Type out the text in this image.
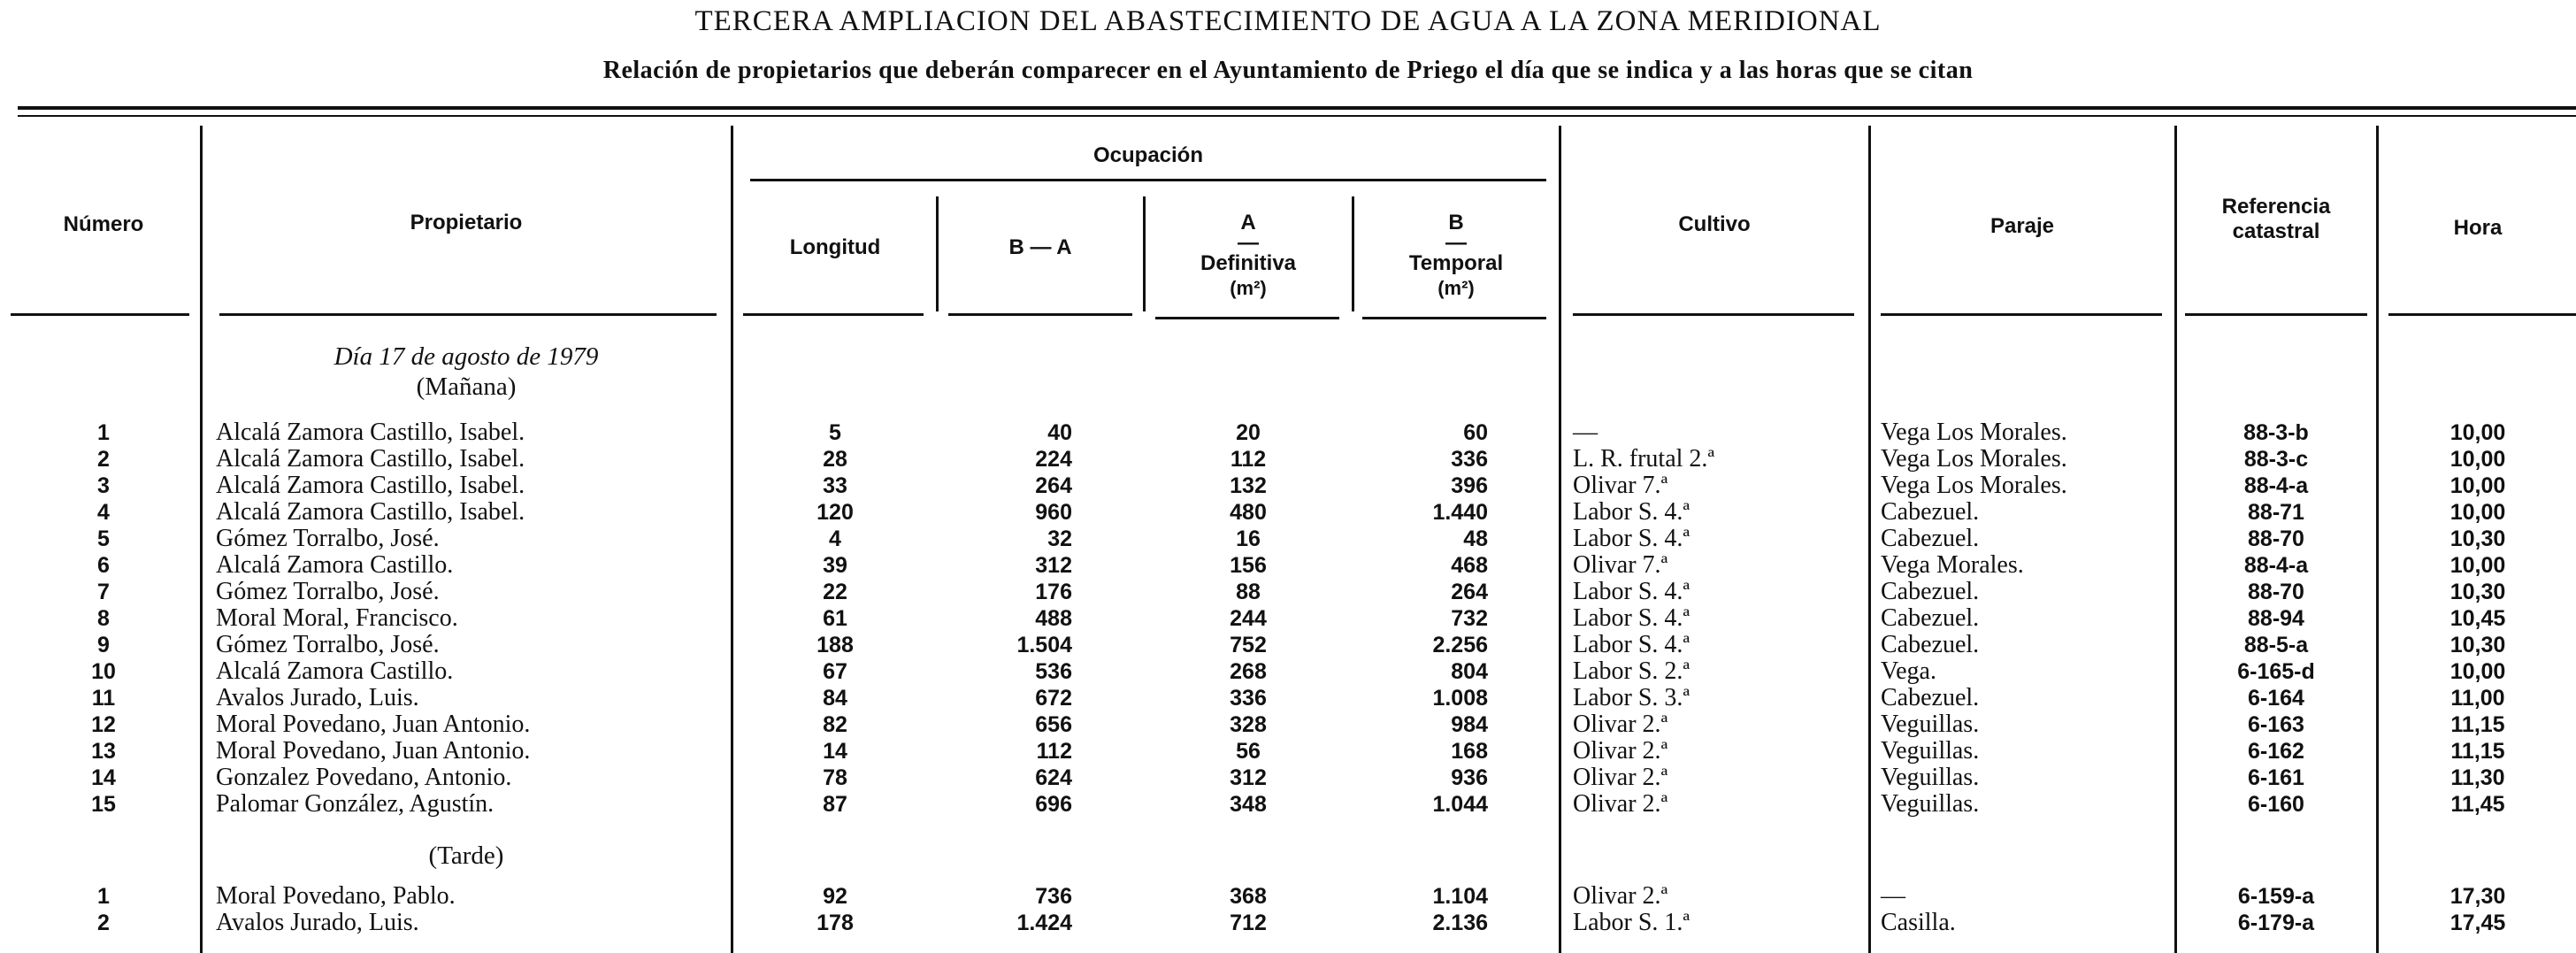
TERCERA AMPLIACION DEL ABASTECIMIENTO DE AGUA A LA ZONA MERIDIONAL
Relación de propietarios que deberán comparecer en el Ayuntamiento de Priego el día que se indica y a las horas que se citan
Número	Propietario
Ocupación
Longitud	B — A
A
—
Definitiva
(m²)
B
—
Temporal
(m²)
Cultivo	Paraje
Referencia
catastral	Hora
Día 17 de agosto de 1979
(Mañana)
(Tarde)
1	Alcalá Zamora Castillo, Isabel.	5	40	20	60	—	Vega Los Morales.	88-3-b	10,00
2	Alcalá Zamora Castillo, Isabel.	28	224	112	336	L. R. frutal 2.ª	Vega Los Morales.	88-3-c	10,00
3	Alcalá Zamora Castillo, Isabel.	33	264	132	396	Olivar 7.ª	Vega Los Morales.	88-4-a	10,00
4	Alcalá Zamora Castillo, Isabel.	120	960	480	1.440	Labor S. 4.ª	Cabezuel.	88-71	10,00
5	Gómez Torralbo, José.	4	32	16	48	Labor S. 4.ª	Cabezuel.	88-70	10,30
6	Alcalá Zamora Castillo.	39	312	156	468	Olivar 7.ª	Vega Morales.	88-4-a	10,00
7	Gómez Torralbo, José.	22	176	88	264	Labor S. 4.ª	Cabezuel.	88-70	10,30
8	Moral Moral, Francisco.	61	488	244	732	Labor S. 4.ª	Cabezuel.	88-94	10,45
9	Gómez Torralbo, José.	188	1.504	752	2.256	Labor S. 4.ª	Cabezuel.	88-5-a	10,30
10	Alcalá Zamora Castillo.	67	536	268	804	Labor S. 2.ª	Vega.	6-165-d	10,00
11	Avalos Jurado, Luis.	84	672	336	1.008	Labor S. 3.ª	Cabezuel.	6-164	11,00
12	Moral Povedano, Juan Antonio.	82	656	328	984	Olivar 2.ª	Veguillas.	6-163	11,15
13	Moral Povedano, Juan Antonio.	14	112	56	168	Olivar 2.ª	Veguillas.	6-162	11,15
14	Gonzalez Povedano, Antonio.	78	624	312	936	Olivar 2.ª	Veguillas.	6-161	11,30
15	Palomar González, Agustín.	87	696	348	1.044	Olivar 2.ª	Veguillas.	6-160	11,45
1	Moral Povedano, Pablo.	92	736	368	1.104	Olivar 2.ª	—	6-159-a	17,30
2	Avalos Jurado, Luis.	178	1.424	712	2.136	Labor S. 1.ª	Casilla.	6-179-a	17,45
